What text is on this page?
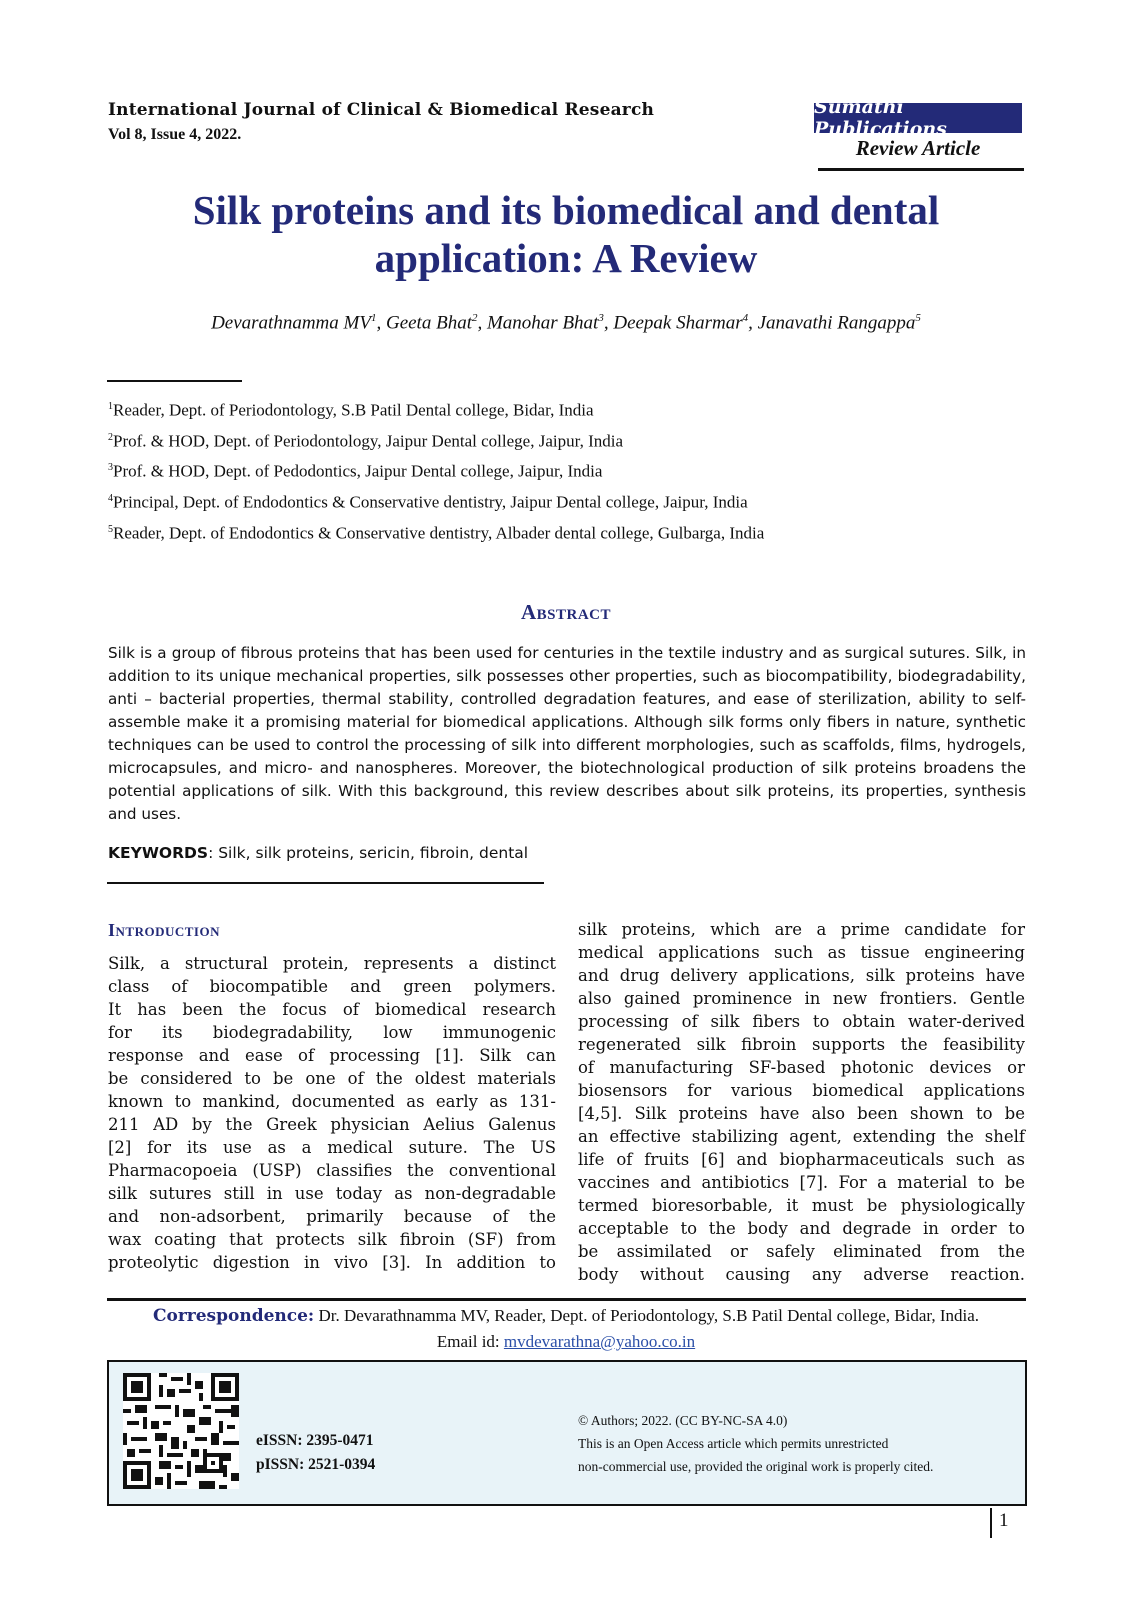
International Journal of Clinical & Biomedical Research
Vol 8, Issue 4, 2022.
Sumathi Publications
Review Article
Silk proteins and its biomedical and dental
application: A Review
Devarathnamma $MV^1$, Geeta Bhat$^2$, Manohar Bhat$^3$, Deepak Sharmar$^4$, Janavathi Rangappa$^5$
$^1$Reader, Dept. of Periodontology, S.B Patil Dental college, Bidar, India
$^2$Prof. & HOD, Dept. of Periodontology, Jaipur Dental college, Jaipur, India
$^3$Prof. & HOD, Dept. of Pedodontics, Jaipur Dental college, Jaipur, India
$^4$Principal, Dept. of Endodontics & Conservative dentistry, Jaipur Dental college, Jaipur, India
$^5$Reader, Dept. of Endodontics & Conservative dentistry, Albader dental college, Gulbarga, India
Abstract
Silk is a group of fibrous proteins that has been used for centuries in the textile industry and as surgical sutures. Silk, in addition to its unique mechanical properties, silk possesses other properties, such as biocompatibility, biodegradability, anti – bacterial properties, thermal stability, controlled degradation features, and ease of sterilization, ability to self-assemble make it a promising material for biomedical applications. Although silk forms only fibers in nature, synthetic techniques can be used to control the processing of silk into different morphologies, such as scaffolds, films, hydrogels, microcapsules, and micro- and nanospheres. Moreover, the biotechnological production of silk proteins broadens the potential applications of silk. With this background, this review describes about silk proteins, its properties, synthesis and uses.
KEYWORDS: Silk, silk proteins, sericin, fibroin, dental
Introduction
Silk, a structural protein, represents a distinct
class of biocompatible and green polymers.
It has been the focus of biomedical research
for its biodegradability, low immunogenic
response and ease of processing [1]. Silk can
be considered to be one of the oldest materials
known to mankind, documented as early as 131-
211 AD by the Greek physician Aelius Galenus
[2] for its use as a medical suture. The US
Pharmacopoeia (USP) classifies the conventional
silk sutures still in use today as non-degradable
and non-adsorbent, primarily because of the
wax coating that protects silk fibroin (SF) from
proteolytic digestion in vivo [3]. In addition to
silk proteins, which are a prime candidate for
medical applications such as tissue engineering
and drug delivery applications, silk proteins have
also gained prominence in new frontiers. Gentle
processing of silk fibers to obtain water-derived
regenerated silk fibroin supports the feasibility
of manufacturing SF-based photonic devices or
biosensors for various biomedical applications
[4,5]. Silk proteins have also been shown to be
an effective stabilizing agent, extending the shelf
life of fruits [6] and biopharmaceuticals such as
vaccines and antibiotics [7]. For a material to be
termed bioresorbable, it must be physiologically
acceptable to the body and degrade in order to
be assimilated or safely eliminated from the
body without causing any adverse reaction.
Correspondence: Dr. Devarathnamma MV, Reader, Dept. of Periodontology, S.B Patil Dental college, Bidar, India.
Email id: mvdevarathna@yahoo.co.in
eISSN: 2395-0471
pISSN: 2521-0394
© Authors; 2022. (CC BY-NC-SA 4.0)
This is an Open Access article which permits unrestricted
non-commercial use, provided the original work is properly cited.
1
